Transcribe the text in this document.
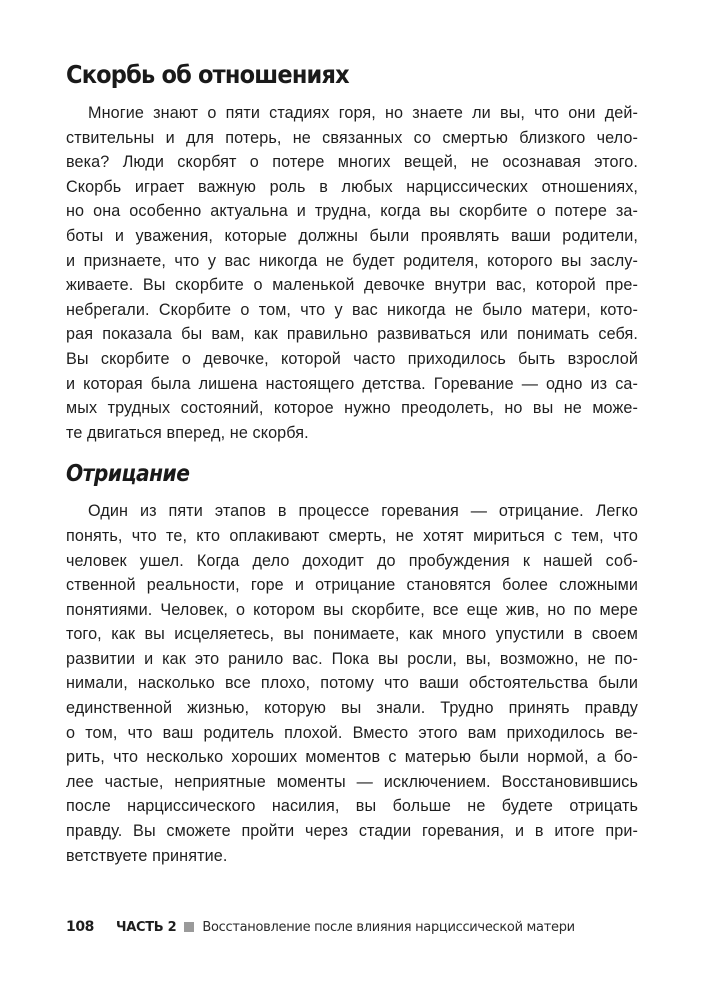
Скорбь об отношениях
Многие знают о пяти стадиях горя, но знаете ли вы, что они дей-
ствительны и для потерь, не связанных со смертью близкого чело-
века? Люди скорбят о потере многих вещей, не осознавая этого.
Скорбь играет важную роль в любых нарциссических отношениях,
но она особенно актуальна и трудна, когда вы скорбите о потере за-
боты и уважения, которые должны были проявлять ваши родители,
и признаете, что у вас никогда не будет родителя, которого вы заслу-
живаете. Вы скорбите о маленькой девочке внутри вас, которой пре-
небрегали. Скорбите о том, что у вас никогда не было матери, кото-
рая показала бы вам, как правильно развиваться или понимать себя.
Вы скорбите о девочке, которой часто приходилось быть взрослой
и которая была лишена настоящего детства. Горевание — одно из са-
мых трудных состояний, которое нужно преодолеть, но вы не може-
те двигаться вперед, не скорбя.
Отрицание
Один из пяти этапов в процессе горевания — отрицание. Легко
понять, что те, кто оплакивают смерть, не хотят мириться с тем, что
человек ушел. Когда дело доходит до пробуждения к нашей соб-
ственной реальности, горе и отрицание становятся более сложными
понятиями. Человек, о котором вы скорбите, все еще жив, но по мере
того, как вы исцеляетесь, вы понимаете, как много упустили в своем
развитии и как это ранило вас. Пока вы росли, вы, возможно, не по-
нимали, насколько все плохо, потому что ваши обстоятельства были
единственной жизнью, которую вы знали. Трудно принять правду
о том, что ваш родитель плохой. Вместо этого вам приходилось ве-
рить, что несколько хороших моментов с матерью были нормой, а бо-
лее частые, неприятные моменты — исключением. Восстановившись
после нарциссического насилия, вы больше не будете отрицать
правду. Вы сможете пройти через стадии горевания, и в итоге при-
ветствуете принятие.
108 ЧАСТЬ 2 Восстановление после влияния нарциссической матери
